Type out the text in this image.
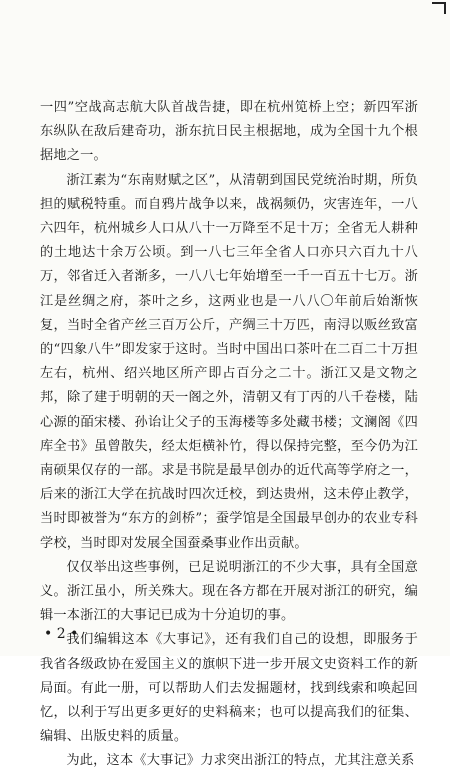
一四”空战高志航大队首战告捷，即在杭州笕桥上空；新四军浙东纵队在敌后建奇功，浙东抗日民主根据地，成为全国十九个根据地之一。

浙江素为“东南财赋之区”，从清朝到国民党统治时期，所负担的赋税特重。而自鸦片战争以来，战祸频仍，灾害连年，一八六四年，杭州城乡人口从八十一万降至不足十万；全省无人耕种的土地达十余万公顷。到一八七三年全省人口亦只六百九十八万，邻省迁入者渐多，一八八七年始增至一千一百五十七万。浙江是丝绸之府，茶叶之乡，这两业也是一八八〇年前后始渐恢复，当时全省产丝三百万公斤，产绸三十万匹，南浔以贩丝致富的“四象八牛”即发家于这时。当时中国出口茶叶在二百二十万担左右，杭州、绍兴地区所产即占百分之二十。浙江又是文物之邦，除了建于明朝的天一阁之外，清朝又有丁丙的八千卷楼，陆心源的皕宋楼、孙诒让父子的玉海楼等多处藏书楼；文澜阁《四库全书》虽曾散失，经太炬横补竹，得以保持完整，至今仍为江南硕果仅存的一部。求是书院是最早创办的近代高等学府之一，后来的浙江大学在抗战时四次迁校，到达贵州，这未停止教学，当时即被誉为“东方的剑桥”；蚕学馆是全国最早创办的农业专科学校，当时即对发展全国蚕桑事业作出贡献。

仅仅举出这些事例，已足说明浙江的不少大事，具有全国意义。浙江虽小，所关殊大。现在各方都在开展对浙江的研究，编辑一本浙江的大事记已成为十分迫切的事。

我们编辑这本《大事记》，还有我们自己的设想，即服务于我省各级政协在爱国主义的旗帜下进一步开展文史资料工作的新局面。有此一册，可以帮助人们去发掘题材，找到线索和唤起回忆，以利于写出更多更好的史料稿来；也可以提高我们的征集、编辑、出版史料的质量。

为此，这本《大事记》力求突出浙江的特点，尤其注意关系

• 2 •
